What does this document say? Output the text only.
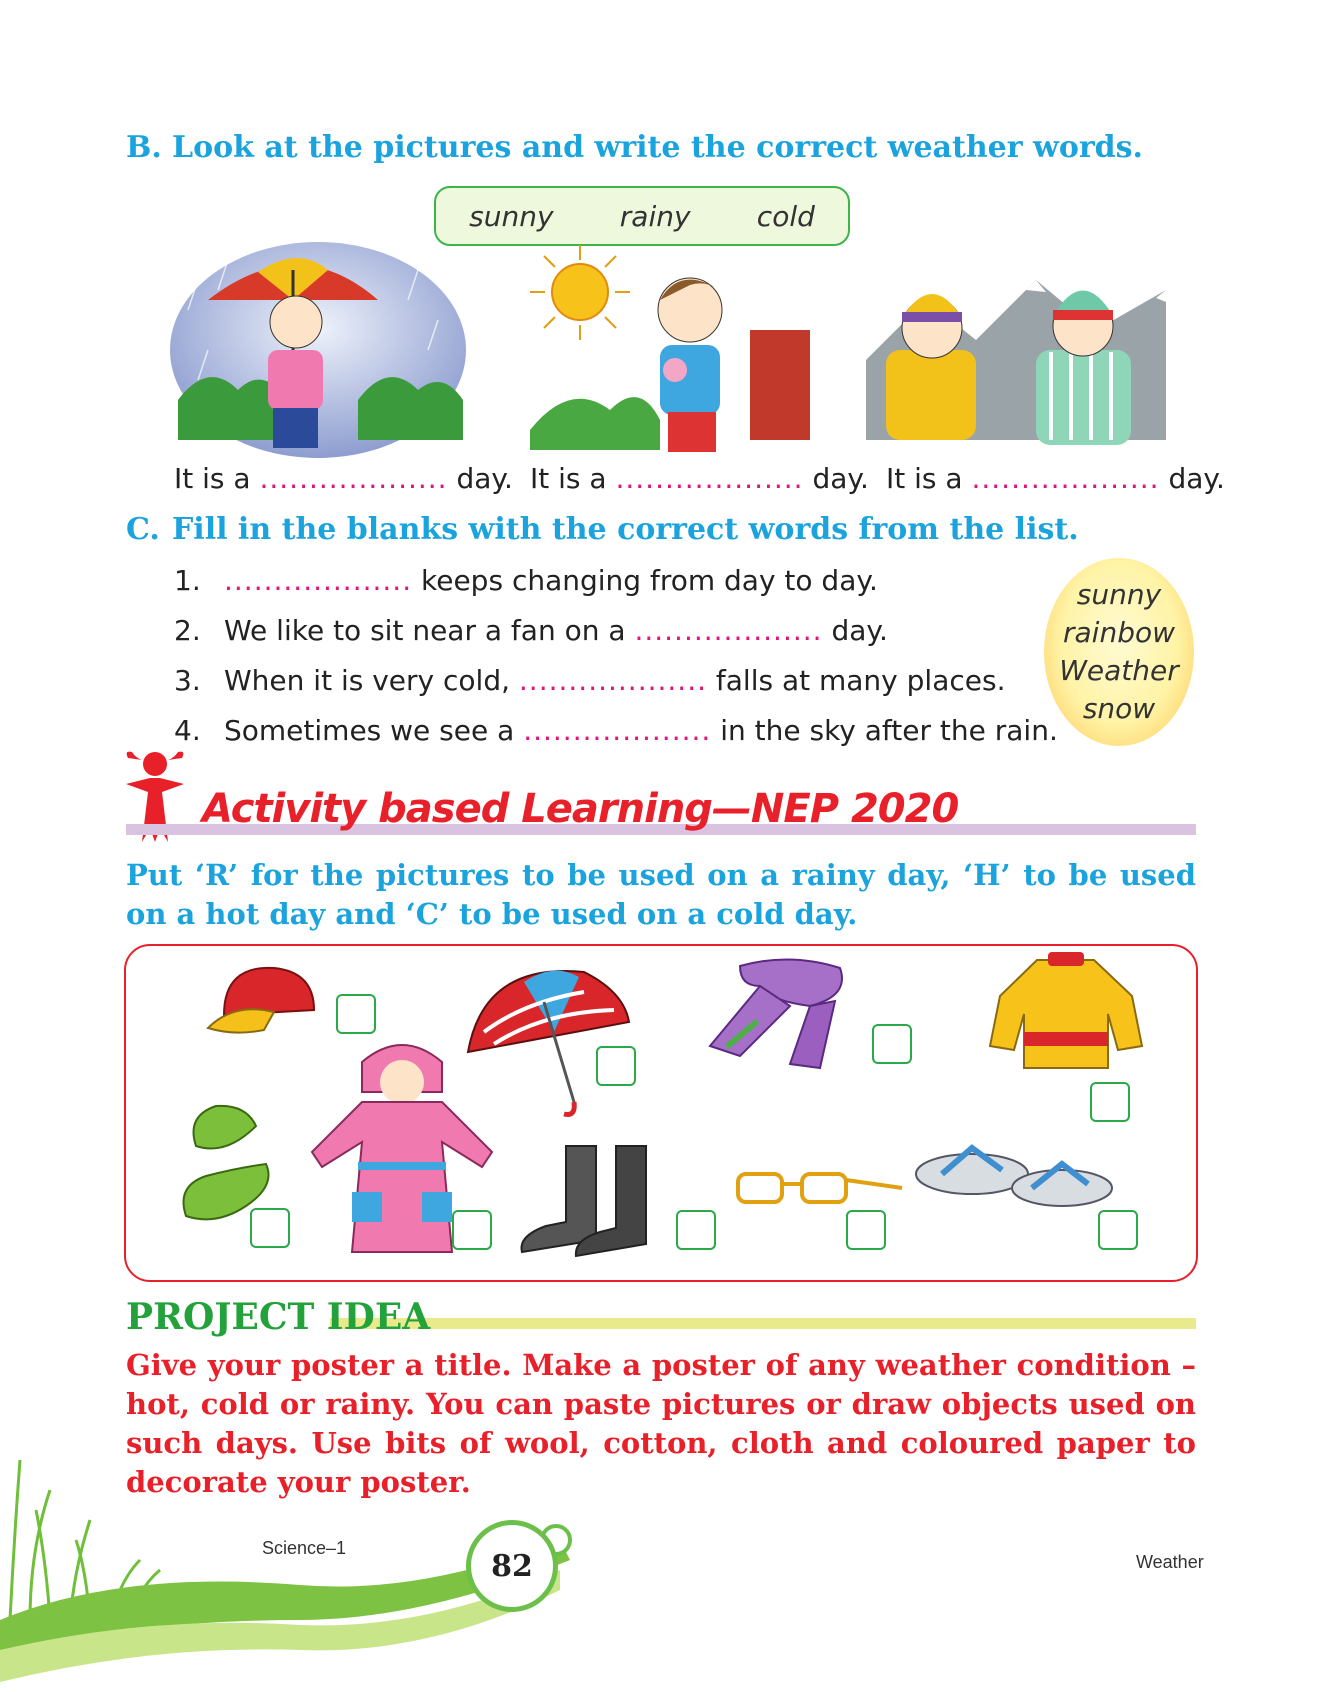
B. Look at the pictures and write the correct weather words.
sunny rainy cold
It is a ................... day. It is a ................... day. It is a ................... day.
C. Fill in the blanks with the correct words from the list.
1. ................... keeps changing from day to day.
2. We like to sit near a fan on a ................... day.
3. When it is very cold, ................... falls at many places.
4. Sometimes we see a ................... in the sky after the rain.
sunny
rainbow
Weather
snow
Activity based Learning—NEP 2020
Put ‘R’ for the pictures to be used on a rainy day, ‘H’ to be used on a hot day and ‘C’ to be used on a cold day.
PROJECT IDEA
Give your poster a title. Make a poster of any weather condition – hot, cold or rainy. You can paste pictures or draw objects used on such days. Use bits of wool, cotton, cloth and coloured paper to decorate your poster.
Science–1
82	Weather
